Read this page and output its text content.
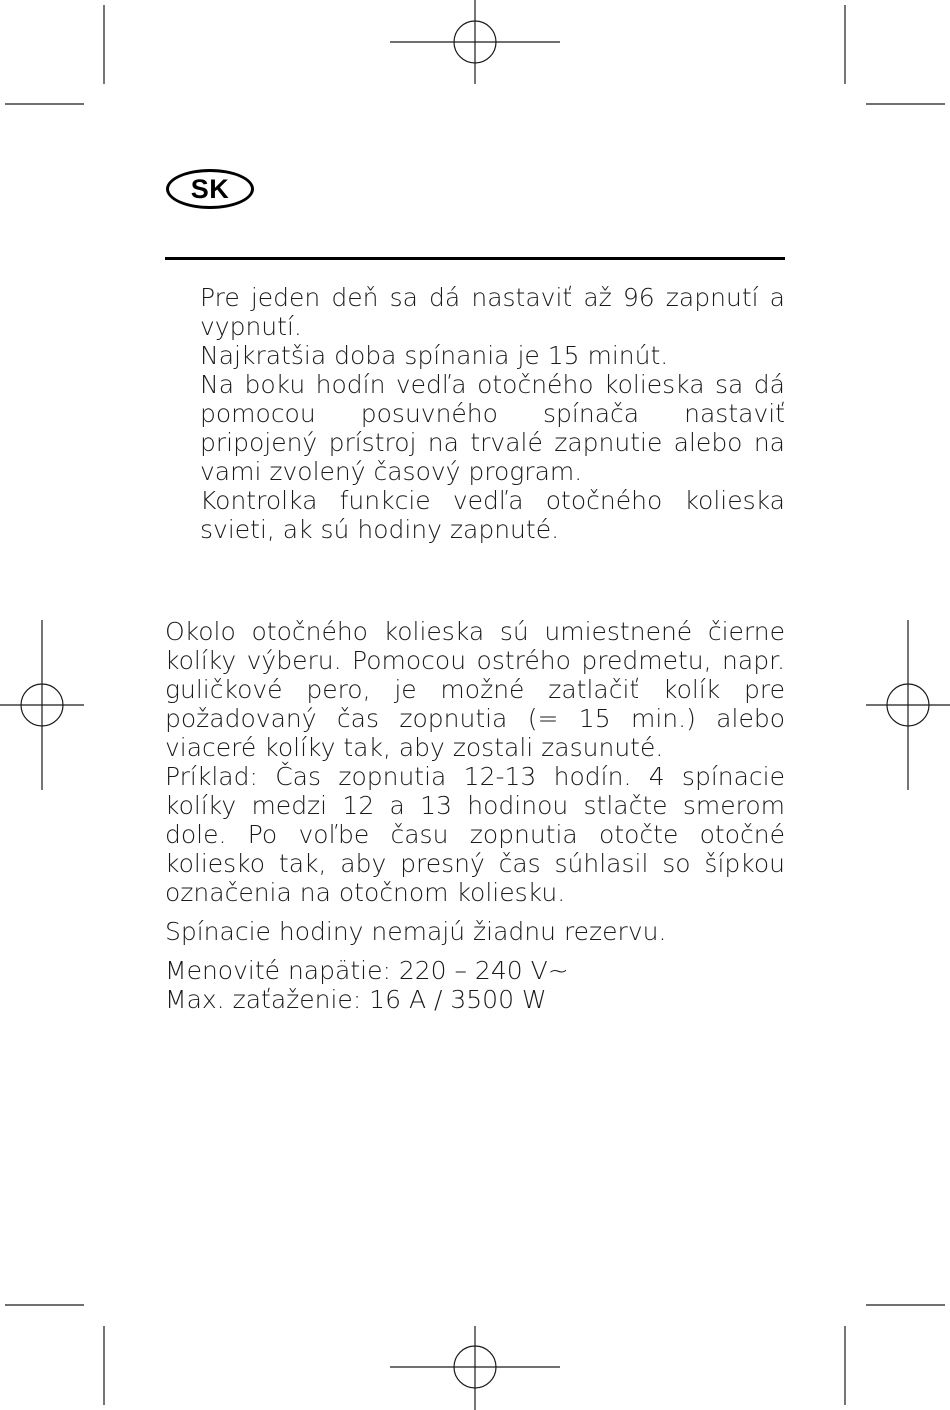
SK

Pre jeden deň sa dá nastaviť až 96 zapnutí a vypnutí.

Najkratšia doba spínania je 15 minút.

Na boku hodín vedľa otočného kolieska sa dá pomocou posuvného spínača nastaviť pripojený prístroj na trvalé zapnutie alebo na vami zvolený časový program.

Kontrolka funkcie vedľa otočného kolieska svieti, ak sú hodiny zapnuté.

Okolo otočného kolieska sú umiestnené čierne kolíky výberu. Pomocou ostrého predmetu, napr. guličkové pero, je možné zatlačiť kolík pre požadovaný čas zopnutia (= 15 min.) alebo viaceré kolíky tak, aby zostali zasunuté.

Príklad: Čas zopnutia 12-13 hodín. 4 spínacie kolíky medzi 12 a 13 hodinou stlačte smerom dole. Po voľbe času zopnutia otočte otočné koliesko tak, aby presný čas súhlasil so šípkou označenia na otočnom koliesku.

Spínacie hodiny nemajú žiadnu rezervu.

Menovité napätie: 220 – 240 V~

Max. zaťaženie: 16 A / 3500 W
